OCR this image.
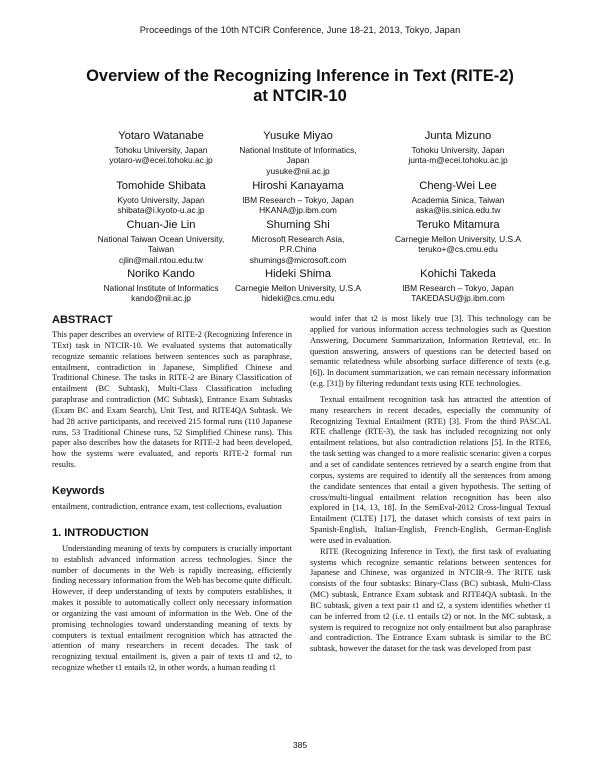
Proceedings of the 10th NTCIR Conference, June 18-21, 2013, Tokyo, Japan
Overview of the Recognizing Inference in Text (RITE-2)
at NTCIR-10
Yotaro Watanabe
Tohoku University, Japan
yotaro-w@ecei.tohoku.ac.jp
Yusuke Miyao
National Institute of Informatics,
Japan
yusuke@nii.ac.jp
Junta Mizuno
Tohoku University, Japan
junta-m@ecei.tohoku.ac.jp
Tomohide Shibata
Kyoto University, Japan
shibata@i.kyoto-u.ac.jp
Hiroshi Kanayama
IBM Research – Tokyo, Japan
HKANA@jp.ibm.com
Cheng-Wei Lee
Academia Sinica, Taiwan
aska@iis.sinica.edu.tw
Chuan-Jie Lin
National Taiwan Ocean University,
Taiwan
cjlin@mail.ntou.edu.tw
Shuming Shi
Microsoft Research Asia,
P.R.China
shumings@microsoft.com
Teruko Mitamura
Carnegie Mellon University, U.S.A
teruko+@cs.cmu.edu
Noriko Kando
National Institute of Informatics
kando@nii.ac.jp
Hideki Shima
Carnegie Mellon University, U.S.A
hideki@cs.cmu.edu
Kohichi Takeda
IBM Research – Tokyo, Japan
TAKEDASU@jp.ibm.com
ABSTRACT

This paper describes an overview of RITE-2 (Recognizing Inference in TExt) task in NTCIR-10. We evaluated systems that automatically recognize semantic relations between sentences such as paraphrase, entailment, contradiction in Japanese, Simplified Chinese and Traditional Chinese. The tasks in RITE-2 are Binary Classification of entailment (BC Subtask), Multi-Class Classification including paraphrase and contradiction (MC Subtask), Entrance Exam Subtasks (Exam BC and Exam Search), Unit Test, and RITE4QA Subtask. We had 28 active participants, and received 215 formal runs (110 Japanese runs, 53 Traditional Chinese runs, 52 Simplified Chinese runs). This paper also describes how the datasets for RITE-2 had been developed, how the systems were evaluated, and reports RITE-2 formal run results.

Keywords

entailment, contradiction, entrance exam, test collections, evaluation

1. INTRODUCTION

Understanding meaning of texts by computers is crucially important to establish advanced information access technologies. Since the number of documents in the Web is rapidly increasing, efficiently finding necessary information from the Web has become quite difficult. However, if deep understanding of texts by computers establishes, it makes it possible to automatically collect only necessary information or organizing the vast amount of information in the Web. One of the promising technologies toward understanding meaning of texts by computers is textual entailment recognition which has attracted the attention of many researchers in recent decades. The task of recognizing textual entailment is, given a pair of texts t1 and t2, to recognize whether t1 entails t2, in other words, a human reading t1

would infer that t2 is most likely true [3]. This technology can be applied for various information access technologies such as Question Answering, Document Summarization, Information Retrieval, etc. In question answering, answers of questions can be detected based on semantic relatedness while absorbing surface difference of texts (e.g. [6]). In document summarization, we can remain necessary information (e.g. [31]) by filtering redundant texts using RTE technologies.

Textual entailment recognition task has attracted the attention of many researchers in recent decades, especially the community of Recognizing Textual Entailment (RTE) [3]. From the third PASCAL RTE challenge (RTE-3), the task has included recognizing not only entailment relations, but also contradiction relations [5]. In the RTE6, the task setting was changed to a more realistic scenario: given a corpus and a set of candidate sentences retrieved by a search engine from that corpus, systems are required to identify all the sentences from among the candidate sentences that entail a given hypothesis. The setting of cross/multi-lingual entailment relation recognition has been also explored in [14, 13, 18]. In the SemEval-2012 Cross-lingual Textual Entailment (CLTE) [17], the dataset which consists of text pairs in Spanish-English, Italian-English, French-English, German-English were used in evaluation.

RITE (Recognizing Inference in Text), the first task of evaluating systems which recognize semantic relations between sentences for Japanese and Chinese, was organized in NTCIR-9. The RITE task consists of the four subtasks: Binary-Class (BC) subtask, Multi-Class (MC) subtask, Entrance Exam subtask and RITE4QA subtask. In the BC subtask, given a text pair t1 and t2, a system identifies whether t1 can be inferred from t2 (i.e. t1 entails t2) or not. In the MC subtask, a system is required to recognize not only entailment but also paraphrase and contradiction. The Entrance Exam subtask is similar to the BC subtask, however the dataset for the task was developed from past

385
